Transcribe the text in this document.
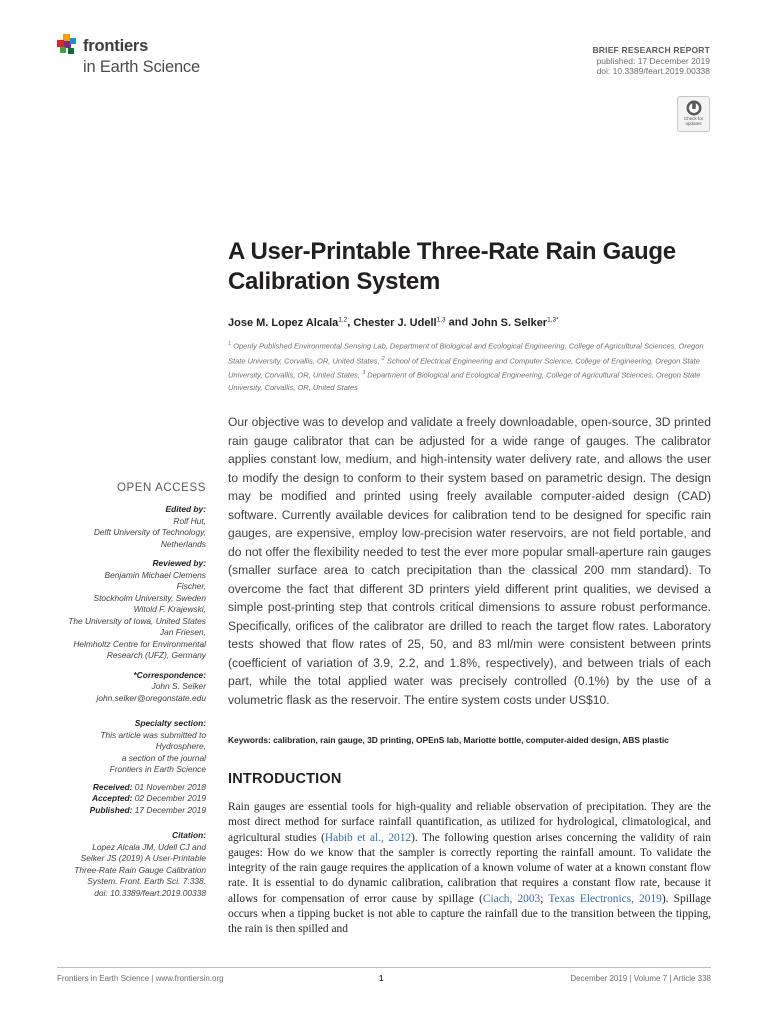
frontiers
in Earth Science
BRIEF RESEARCH REPORT
published: 17 December 2019
doi: 10.3389/feart.2019.00338
Check for
updates
A User-Printable Three-Rate Rain Gauge Calibration System
Jose M. Lopez Alcala$^{1,2}$, Chester J. Udell$^{1,3}$ and John S. Selker$^{1,3*}$
$^1$ Openly Published Environmental Sensing Lab, Department of Biological and Ecological Engineering, College of Agricultural Sciences, Oregon State University, Corvallis, OR, United States, $^2$ School of Electrical Engineering and Computer Science, College of Engineering, Oregon State University, Corvallis, OR, United States, $^3$ Department of Biological and Ecological Engineering, College of Agricultural Sciences, Oregon State University, Corvallis, OR, United States

Our objective was to develop and validate a freely downloadable, open-source, 3D printed rain gauge calibrator that can be adjusted for a wide range of gauges. The calibrator applies constant low, medium, and high-intensity water delivery rate, and allows the user to modify the design to conform to their system based on parametric design. The design may be modified and printed using freely available computer-aided design (CAD) software. Currently available devices for calibration tend to be designed for specific rain gauges, are expensive, employ low-precision water reservoirs, are not field portable, and do not offer the flexibility needed to test the ever more popular small-aperture rain gauges (smaller surface area to catch precipitation than the classical 200 mm standard). To overcome the fact that different 3D printers yield different print qualities, we devised a simple post-printing step that controls critical dimensions to assure robust performance. Specifically, orifices of the calibrator are drilled to reach the target flow rates. Laboratory tests showed that flow rates of 25, 50, and 83 ml/min were consistent between prints (coefficient of variation of 3.9, 2.2, and 1.8%, respectively), and between trials of each part, while the total applied water was precisely controlled (0.1%) by the use of a volumetric flask as the reservoir. The entire system costs under US$10.

Keywords: calibration, rain gauge, 3D printing, OPEnS lab, Mariotte bottle, computer-aided design, ABS plastic

INTRODUCTION

Rain gauges are essential tools for high-quality and reliable observation of precipitation. They are the most direct method for surface rainfall quantification, as utilized for hydrological, climatological, and agricultural studies (Habib et al., 2012). The following question arises concerning the validity of rain gauges: How do we know that the sampler is correctly reporting the rainfall amount. To validate the integrity of the rain gauge requires the application of a known volume of water at a known constant flow rate. It is essential to do dynamic calibration, calibration that requires a constant flow rate, because it allows for compensation of error cause by spillage (Ciach, 2003; Texas Electronics, 2019). Spillage occurs when a tipping bucket is not able to capture the rainfall due to the transition between the tipping, the rain is then spilled and

OPEN ACCESS
Edited by:
Rolf Hut,
Delft University of Technology,
Netherlands
Reviewed by:
Benjamin Michael Clemens
Fischer,
Stockholm University, Sweden
Witold F. Krajewski,
The University of Iowa, United States
Jan Friesen,
Helmholtz Centre for Environmental
Research (UFZ), Germany
*Correspondence:
John S. Selker
john.selker@oregonstate.edu
Specialty section:
This article was submitted to
Hydrosphere,
a section of the journal
Frontiers in Earth Science
Received: 01 November 2018
Accepted: 02 December 2019
Published: 17 December 2019
Citation:
Lopez Alcala JM, Udell CJ and
Selker JS (2019) A User-Printable
Three-Rate Rain Gauge Calibration
System. Front. Earth Sci. 7:338.
doi: 10.3389/feart.2019.00338
Frontiers in Earth Science | www.frontiersin.org	1	December 2019 | Volume 7 | Article 338
